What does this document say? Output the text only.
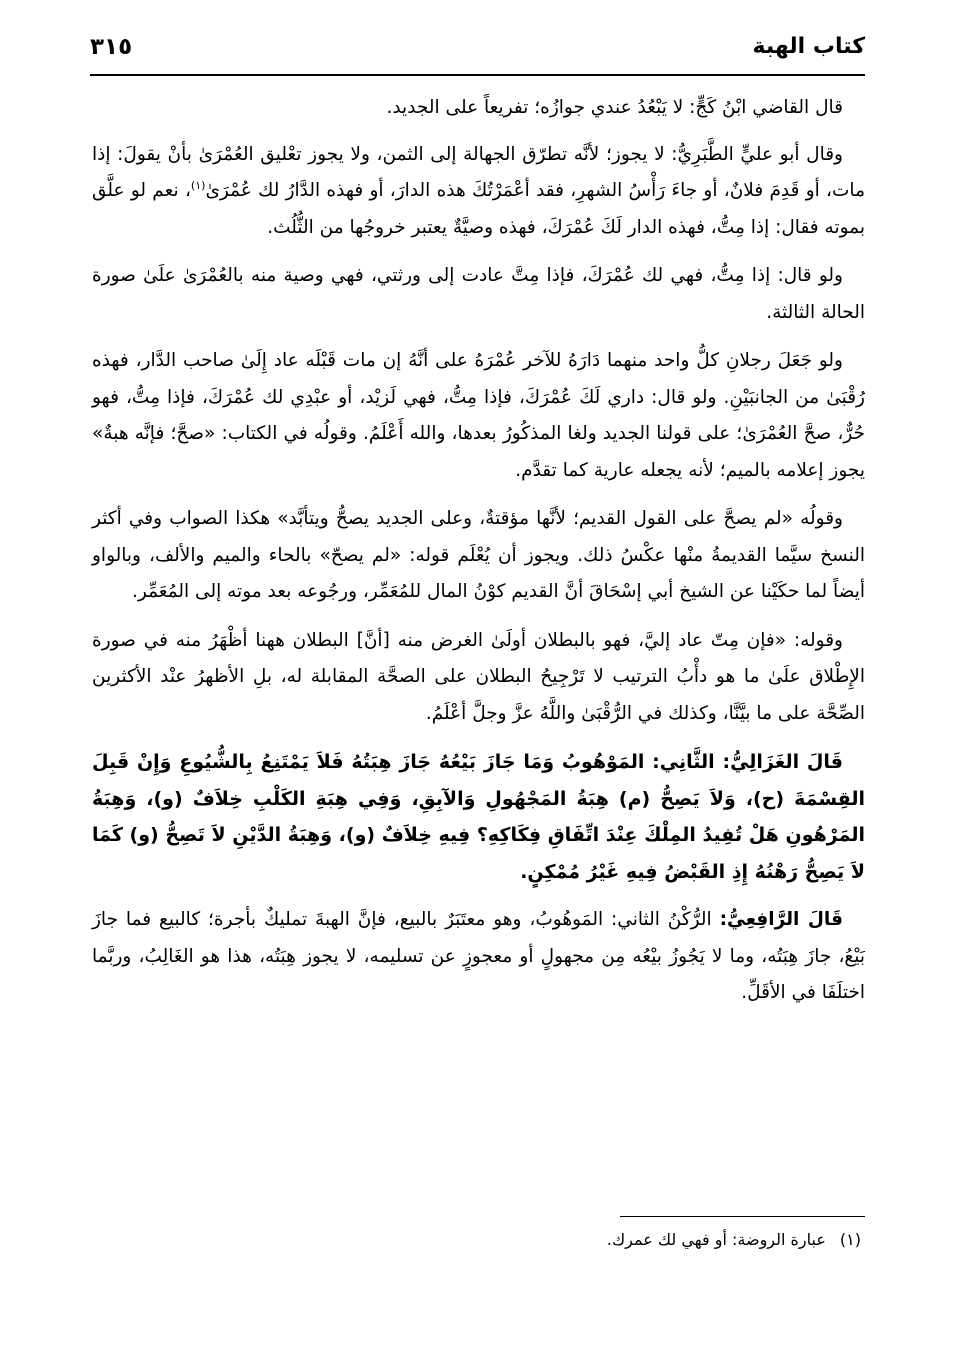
كتاب الهبة
٣١٥

قال القاضي ابْنُ كَجٍّ: لا يَبْعُدُ عندي جوازُه؛ تفريعاً على الجديد.

وقال أبو عليٍّ الطَّبَرِيُّ: لا يجوز؛ لأنَّه تطرّق الجهالة إلى الثمن، ولا يجوز تعْليق العُمْرَىٰ بأنْ يقولَ: إذا مات، أو قَدِمَ فلانٌ، أو جاءَ رَأْسُ الشهرِ، فقد أعْمَرْتُكَ هذه الدارَ، أو فهذه الدَّارُ لك عُمْرَىٰ$^{(١)}$، نعم لو علَّق بموته فقال: إذا مِتُّ، فهذه الدار لَكَ عُمْرَكَ، فهذه وصيَّةٌ يعتبر خروجُها من الثُّلُث.

ولو قال: إذا مِتُّ، فهي لك عُمْرَكَ، فإذا مِتَّ عادت إلى ورثتي، فهي وصية منه بالعُمْرَىٰ علَىٰ صورة الحالة الثالثة.

ولو جَعَلَ رجلانِ كلُّ واحد منهما دَارَهُ للآخر عُمْرَهُ على أنَّهُ إن مات قَبْلَه عاد إِلَىٰ صاحب الدَّار، فهذه رُقْبَىٰ من الجانبَيْنِ. ولو قال: داري لَكَ عُمْرَكَ، فإذا مِتُّ، فهي لَزيْد، أو عبْدِي لك عُمْرَكَ، فإذا مِتُّ، فهو حُرٌّ، صحَّ العُمْرَىٰ؛ على قولنا الجديد ولغا المذكُورُ بعدها، والله أَعْلَمُ. وقولُه في الكتاب: «صحَّ؛ فإنَّه هبةٌ» يجوز إعلامه بالميم؛ لأنه يجعله عارية كما تقدَّم.

وقولُه «لم يصحَّ على القول القديم؛ لأنَّها مؤقتةٌ، وعلى الجديد يصحُّ ويتأبَّد» هكذا الصواب وفي أكثر النسخ سيَّما القديمةُ منْها عكْسُ ذلك. ويجوز أن يُعْلَم قوله: «لم يصحّ» بالحاء والميم والألف، وبالواو أيضاً لما حكَيْنا عن الشيخ أبي إسْحَاقَ أنَّ القديم كوْنُ المال للمُعَمِّر، ورجُوعه بعد موته إلى المُعَمِّر.

وقوله: «فإن مِتّ عاد إليَّ، فهو بالبطلان أولَىٰ الغرض منه [أنَّ] البطلان ههنا أظْهَرُ منه في صورة الإِطْلاق علَىٰ ما هو دأْبُ الترتيب لا تَرْجِيحُ البطلان على الصحَّة المقابلة له، بلِ الأظهرُ عنْد الأكثرين الصِّحَّة على ما بيَّنَّا، وكذلك في الرُّقْبَىٰ واللَّهُ عزَّ وجلَّ أعْلَمُ.

قَالَ الغَزَالِيُّ: الثَّانِي: المَوْهُوبُ وَمَا جَازَ بَيْعُهُ جَازَ هِبَتُهُ فَلاَ يَمْتَنِعُ بِالشُّيُوعِ وَإِنْ قَبِلَ القِسْمَةَ (ح)، وَلاَ يَصِحُّ (م) هِبَةُ المَجْهُولِ وَالآبِقِ، وَفِي هِبَةِ الكَلْبِ خِلاَفٌ (و)، وَهِبَةُ المَرْهُونِ هَلْ تُفِيدُ المِلْكَ عِنْدَ اتِّفَاقِ فِكَاكِهِ؟ فِيهِ خِلاَفٌ (و)، وَهِبَةُ الدَّيْنِ لاَ تَصِحُّ (و) كَمَا لاَ يَصِحُّ رَهْنُهُ إِذِ القَبْضُ فِيهِ غَيْرُ مُمْكِنٍ.

قَالَ الرَّافِعِيُّ: الرُّكْنُ الثاني: المَوهُوبُ، وهو معتَبَرٌ بالبيع، فإنَّ الهبةَ تمليكٌ بأجرة؛ كالبيع فما جازَ بَيْعُ، جازَ هِبَتُه، وما لا يَجُوزُ بيْعُه مِن مجهولٍ أو معجوزٍ عن تسليمه، لا يجوز هِبَتُه، هذا هو الغَالِبُ، وربَّما اختلَفَا في الأقَلِّ.

(١)عبارة الروضة: أو فهي لك عمرك.
